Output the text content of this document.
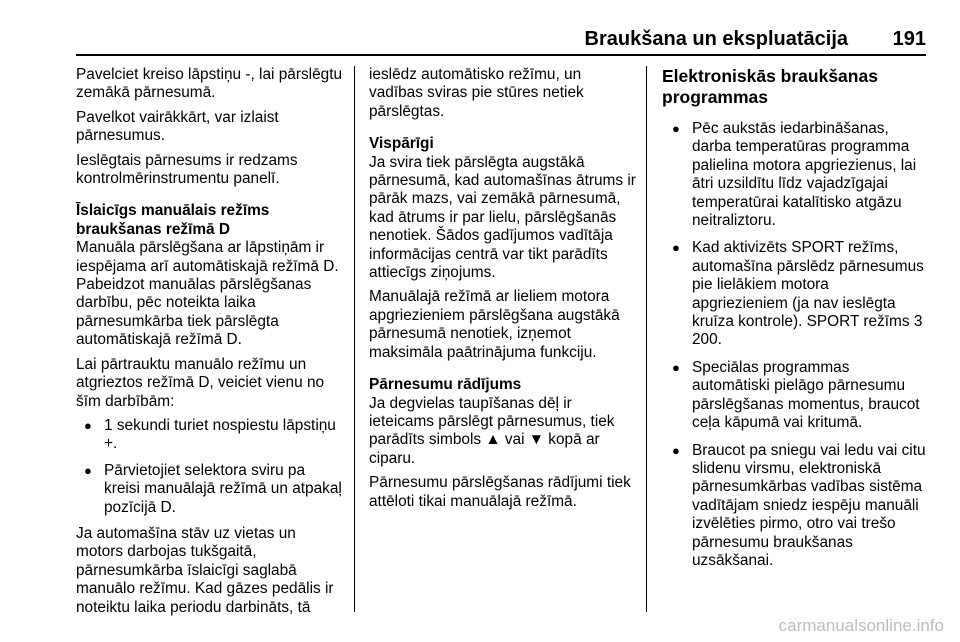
Braukšana un ekspluatācija 191

Pavelciet kreiso lāpstiņu -, lai pārslēgtu zemākā pārnesumā.

Pavelkot vairākkārt, var izlaist pārnesumus.

Ieslēgtais pārnesums ir redzams kontrolmērinstrumentu panelī.

Īslaicīgs manuālais režīms braukšanas režīmā D

Manuāla pārslēgšana ar lāpstiņām ir iespējama arī automātiskajā režīmā D. Pabeidzot manuālas pārslēgšanas darbību, pēc noteikta laika pārnesumkārba tiek pārslēgta automātiskajā režīmā D.

Lai pārtrauktu manuālo režīmu un atgrieztos režīmā D, veiciet vienu no šīm darbībām:

● 1 sekundi turiet nospiestu lāpstiņu +.
● Pārvietojiet selektora sviru pa kreisi manuālajā režīmā un atpakaļ pozīcijā D.

Ja automašīna stāv uz vietas un motors darbojas tukšgaitā, pārnesumkārba īslaicīgi saglabā manuālo režīmu. Kad gāzes pedālis ir noteiktu laika periodu darbināts, tā

ieslēdz automātisko režīmu, un vadības sviras pie stūres netiek pārslēgtas.

Vispārīgi

Ja svira tiek pārslēgta augstākā pārnesumā, kad automašīnas ātrums ir pārāk mazs, vai zemākā pārnesumā, kad ātrums ir par lielu, pārslēgšanās nenotiek. Šādos gadījumos vadītāja informācijas centrā var tikt parādīts attiecīgs ziņojums.

Manuālajā režīmā ar lieliem motora apgriezieniem pārslēgšana augstākā pārnesumā nenotiek, izņemot maksimāla paātrinājuma funkciju.

Pārnesumu rādījums

Ja degvielas taupīšanas dēļ ir ieteicams pārslēgt pārnesumus, tiek parādīts simbols ▲ vai ▼ kopā ar ciparu.

Pārnesumu pārslēgšanas rādījumi tiek attēloti tikai manuālajā režīmā.

Elektroniskās braukšanas programmas
● Pēc aukstās iedarbināšanas, darba temperatūras programma palielina motora apgriezienus, lai ātri uzsildītu līdz vajadzīgajai temperatūrai katalītisko atgāzu neitraliztoru.
● Kad aktivizēts SPORT režīms, automašīna pārslēdz pārnesumus pie lielākiem motora apgriezieniem (ja nav ieslēgta kruīza kontrole). SPORT režīms 3 200.
● Speciālas programmas automātiski pielāgo pārnesumu pārslēgšanas momentus, braucot ceļa kāpumā vai kritumā.
● Braucot pa sniegu vai ledu vai citu slidenu virsmu, elektroniskā pārnesumkārbas vadības sistēma vadītājam sniedz iespēju manuāli izvēlēties pirmo, otro vai trešo pārnesumu braukšanas uzsākšanai.
carmanualsonline.info
